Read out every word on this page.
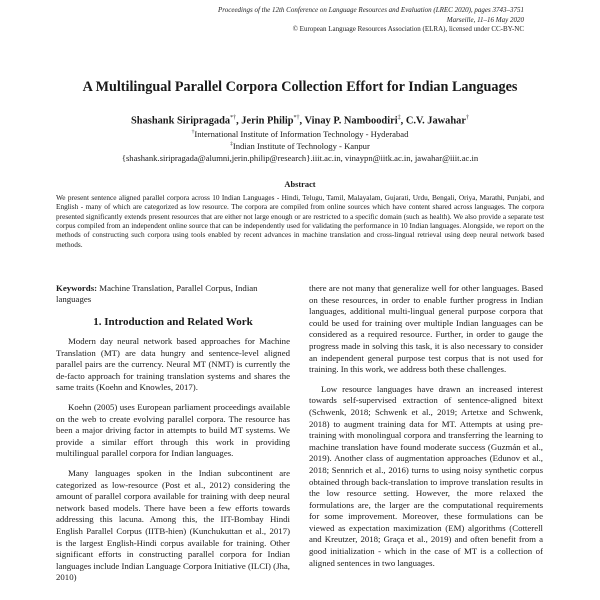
Proceedings of the 12th Conference on Language Resources and Evaluation (LREC 2020), pages 3743–3751
Marseille, 11–16 May 2020
© European Language Resources Association (ELRA), licensed under CC-BY-NC
A Multilingual Parallel Corpora Collection Effort for Indian Languages
Shashank Siripragada*†, Jerin Philip*†, Vinay P. Namboodiri‡, C.V. Jawahar†
†International Institute of Information Technology - Hyderabad
‡Indian Institute of Technology - Kanpur
{shashank.siripragada@alumni,jerin.philip@research}.iiit.ac.in, vinaypn@iitk.ac.in, jawahar@iiit.ac.in
Abstract
We present sentence aligned parallel corpora across 10 Indian Languages - Hindi, Telugu, Tamil, Malayalam, Gujarati, Urdu, Bengali, Oriya, Marathi, Punjabi, and English - many of which are categorized as low resource. The corpora are compiled from online sources which have content shared across languages. The corpora presented significantly extends present resources that are either not large enough or are restricted to a specific domain (such as health). We also provide a separate test corpus compiled from an independent online source that can be independently used for validating the performance in 10 Indian languages. Alongside, we report on the methods of constructing such corpora using tools enabled by recent advances in machine translation and cross-lingual retrieval using deep neural network based methods.
Keywords: Machine Translation, Parallel Corpus, Indian languages
1. Introduction and Related Work

Modern day neural network based approaches for Machine Translation (MT) are data hungry and sentence-level aligned parallel pairs are the currency. Neural MT (NMT) is currently the de-facto approach for training translation systems and shares the same traits (Koehn and Knowles, 2017).

Koehn (2005) uses European parliament proceedings available on the web to create evolving parallel corpora. The resource has been a major driving factor in attempts to build MT systems. We provide a similar effort through this work in providing multilingual parallel corpora for Indian languages.

Many languages spoken in the Indian subcontinent are categorized as low-resource (Post et al., 2012) considering the amount of parallel corpora available for training with deep neural network based models. There have been a few efforts towards addressing this lacuna. Among this, the IIT-Bombay Hindi English Parallel Corpus (IITB-hien) (Kunchukuttan et al., 2017) is the largest English-Hindi corpus available for training. Other significant efforts in constructing parallel corpora for Indian languages include Indian Language Corpora Initiative (ILCI) (Jha, 2010)

there are not many that generalize well for other languages. Based on these resources, in order to enable further progress in Indian languages, additional multi-lingual general purpose corpora that could be used for training over multiple Indian languages can be considered as a required resource. Further, in order to gauge the progress made in solving this task, it is also necessary to consider an independent general purpose test corpus that is not used for training. In this work, we address both these challenges.

Low resource languages have drawn an increased interest towards self-supervised extraction of sentence-aligned bitext (Schwenk, 2018; Schwenk et al., 2019; Artetxe and Schwenk, 2018) to augment training data for MT. Attempts at using pre-training with monolingual corpora and transferring the learning to machine translation have found moderate success (Guzmán et al., 2019). Another class of augmentation approaches (Edunov et al., 2018; Sennrich et al., 2016) turns to using noisy synthetic corpus obtained through back-translation to improve translation results in the low resource setting. However, the more relaxed the formulations are, the larger are the computational requirements for some improvement. Moreover, these formulations can be viewed as expectation maximization (EM) algorithms (Cotterell and Kreutzer, 2018; Graça et al., 2019) and often benefit from a good initialization - which in the case of MT is a collection of aligned sentences in two languages.
